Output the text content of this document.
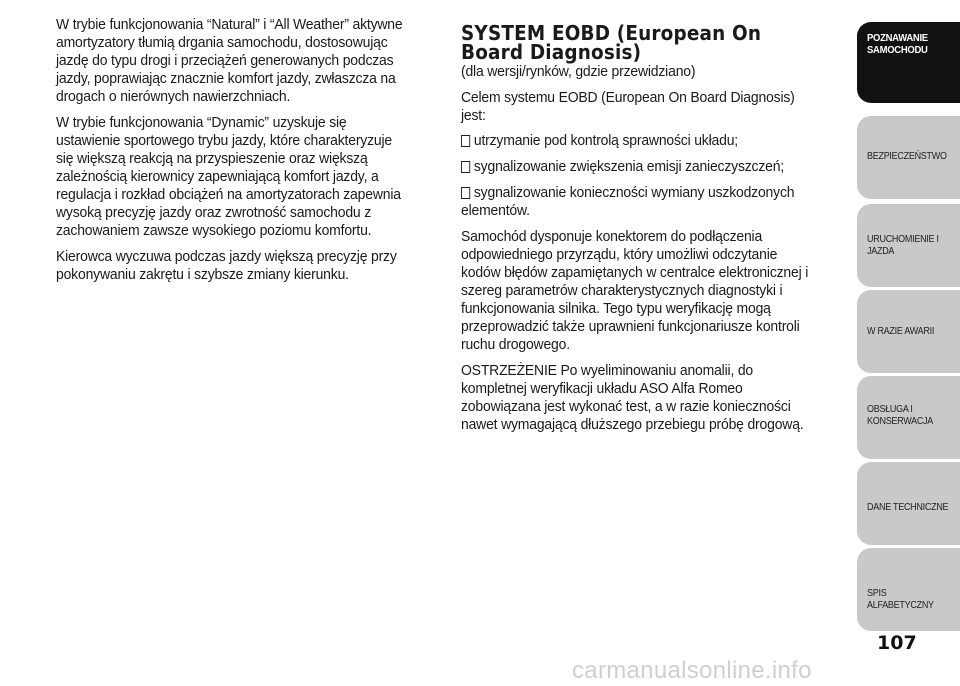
W trybie funkcjonowania “Natural” i “All Weather” aktywne amortyzatory tłumią drgania samochodu, dostosowując jazdę do typu drogi i przeciążeń generowanych podczas jazdy, poprawiając znacznie komfort jazdy, zwłaszcza na drogach o nierównych nawierzchniach.

W trybie funkcjonowania “Dynamic” uzyskuje się ustawienie sportowego trybu jazdy, które charakteryzuje się większą reakcją na przyspieszenie oraz większą zależnością kierownicy zapewniającą komfort jazdy, a regulacja i rozkład obciążeń na amortyzatorach zapewnia wysoką precyzję jazdy oraz zwrotność samochodu z zachowaniem zawsze wysokiego poziomu komfortu.

Kierowca wyczuwa podczas jazdy większą precyzję przy pokonywaniu zakrętu i szybsze zmiany kierunku.

SYSTEM EOBD (European On Board Diagnosis)

(dla wersji/rynków, gdzie przewidziano)

Celem systemu EOBD (European On Board Diagnosis) jest:

utrzymanie pod kontrolą sprawności układu;

sygnalizowanie zwiększenia emisji zanieczyszczeń;

sygnalizowanie konieczności wymiany uszkodzonych elementów.

Samochód dysponuje konektorem do podłączenia odpowiedniego przyrządu, który umożliwi odczytanie kodów błędów zapamiętanych w centralce elektronicznej i szereg parametrów charakterystycznych diagnostyki i funkcjonowania silnika. Tego typu weryfikację mogą przeprowadzić także uprawnieni funkcjonariusze kontroli ruchu drogowego.

OSTRZEŻENIE Po wyeliminowaniu anomalii, do kompletnej weryfikacji układu ASO Alfa Romeo zobowiązana jest wykonać test, a w razie konieczności nawet wymagającą dłuższego przebiegu próbę drogową.

POZNAWANIE
SAMOCHODU
BEZPIECZEŃSTWO
URUCHOMIENIE I
JAZDA
W RAZIE AWARII
OBSŁUGA I
KONSERWACJA
DANE TECHNICZNE
SPIS ALFABETYCZNY
107
carmanualsonline.info
